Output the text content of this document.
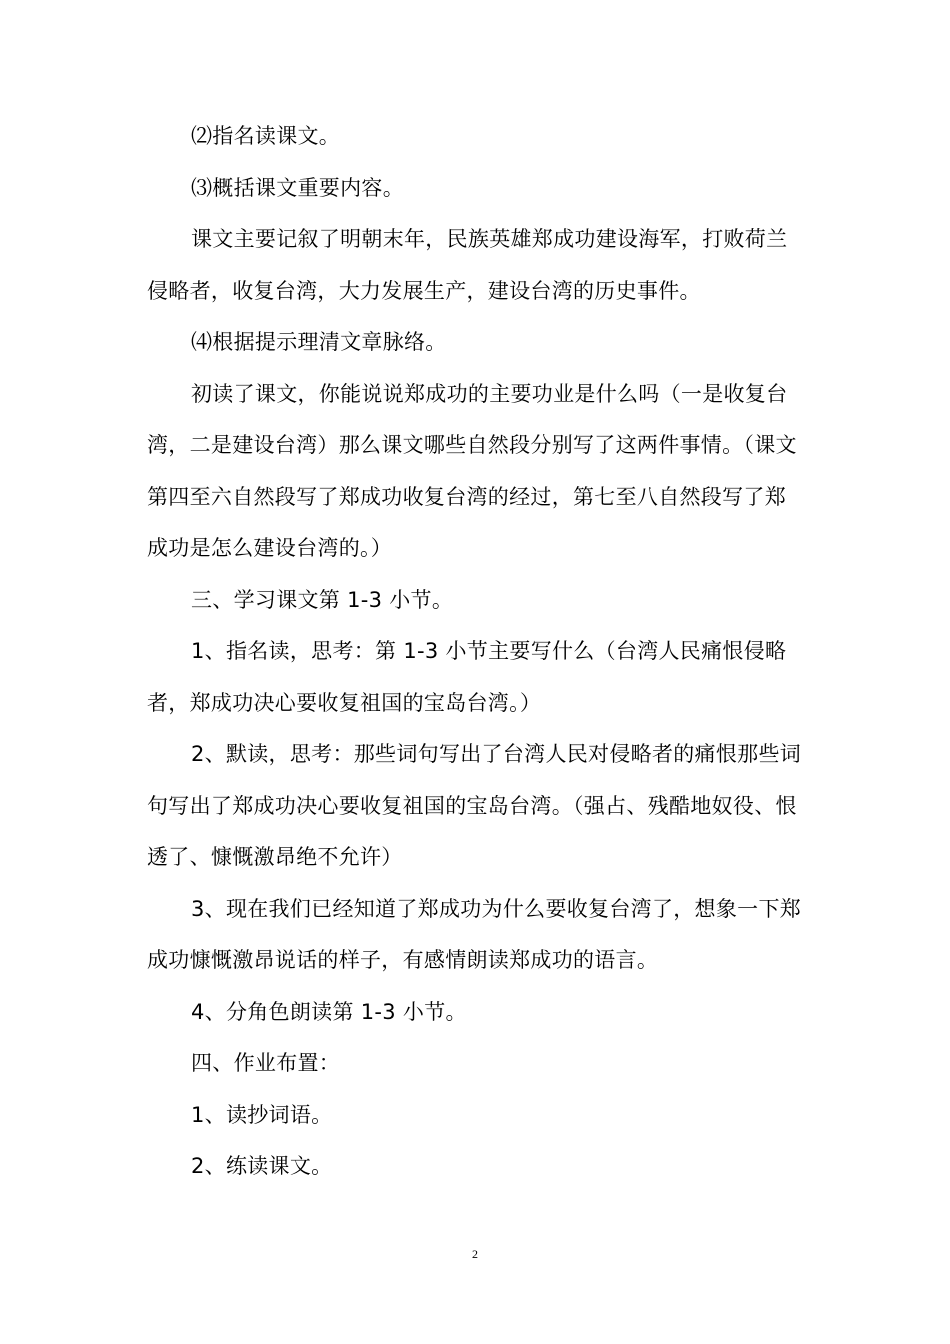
⑵指名读课文。

⑶概括课文重要内容。

课文主要记叙了明朝末年，民族英雄郑成功建设海军，打败荷兰侵略者，收复台湾，大力发展生产，建设台湾的历史事件。

⑷根据提示理清文章脉络。

初读了课文，你能说说郑成功的主要功业是什么吗（一是收复台湾，二是建设台湾）那么课文哪些自然段分别写了这两件事情。（课文第四至六自然段写了郑成功收复台湾的经过，第七至八自然段写了郑成功是怎么建设台湾的。）

三、学习课文第 1-3 小节。

1、指名读，思考：第 1-3 小节主要写什么（台湾人民痛恨侵略者，郑成功决心要收复祖国的宝岛台湾。）

2、默读，思考：那些词句写出了台湾人民对侵略者的痛恨那些词句写出了郑成功决心要收复祖国的宝岛台湾。（强占、残酷地奴役、恨透了、慷慨激昂绝不允许）

3、现在我们已经知道了郑成功为什么要收复台湾了，想象一下郑成功慷慨激昂说话的样子，有感情朗读郑成功的语言。

4、分角色朗读第 1-3 小节。

四、作业布置：

1、读抄词语。

2、练读课文。

2
